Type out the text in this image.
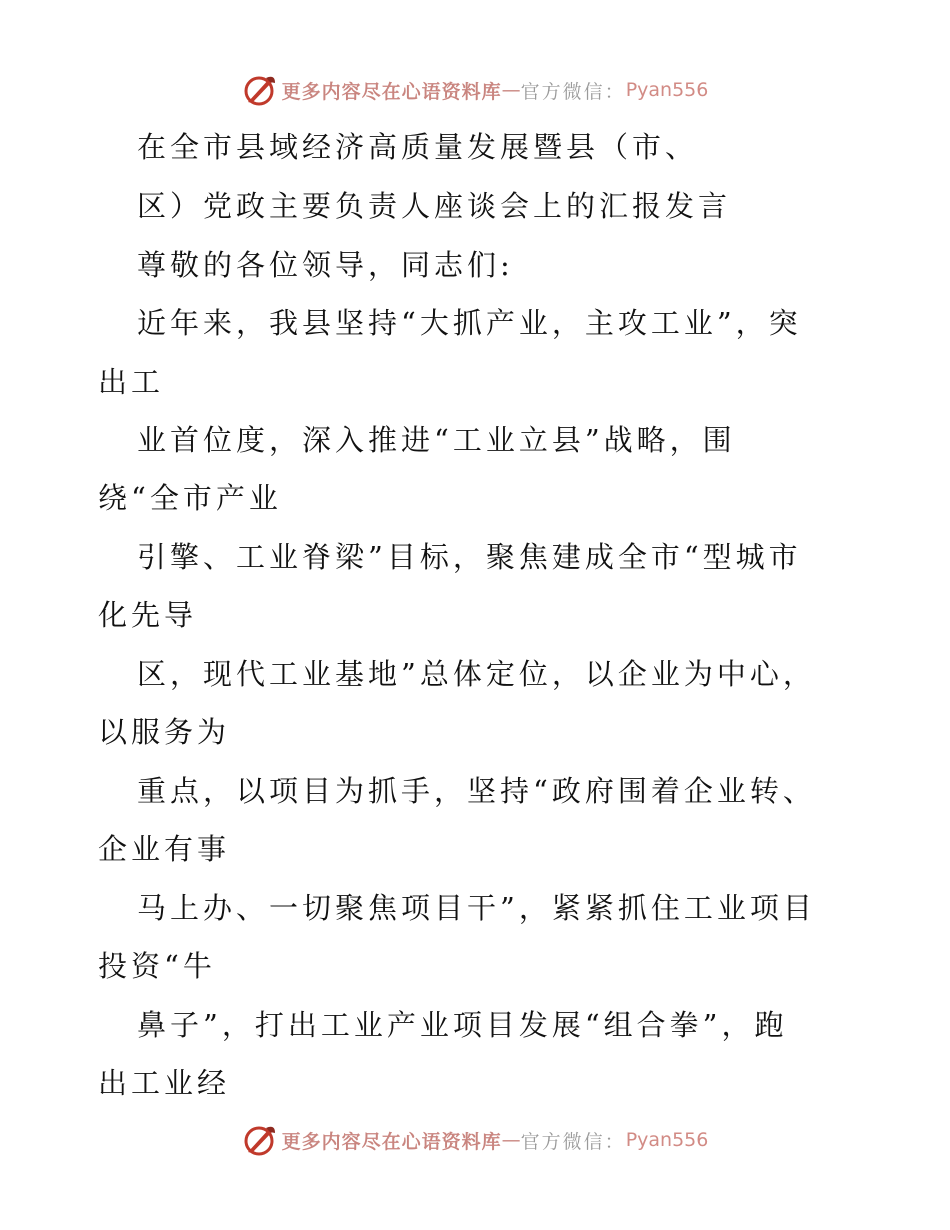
更多内容尽在心语资料库 — 官方微信： Pyan556
在全市县域经济高质量发展暨县（市、
区）党政主要负责人座谈会上的汇报发言
尊敬的各位领导，同志们:
近年来，我县坚持“大抓产业，主攻工业”，突
出工
业首位度，深入推进“工业立县”战略，围
绕“全市产业
引擎、工业脊梁”目标，聚焦建成全市“型城市
化先导
区，现代工业基地”总体定位，以企业为中心，
以服务为
重点，以项目为抓手，坚持“政府围着企业转、
企业有事
马上办、一切聚焦项目干”，紧紧抓住工业项目
投资“牛
鼻子”，打出工业产业项目发展“组合拳”，跑
出工业经
更多内容尽在心语资料库 — 官方微信： Pyan556
